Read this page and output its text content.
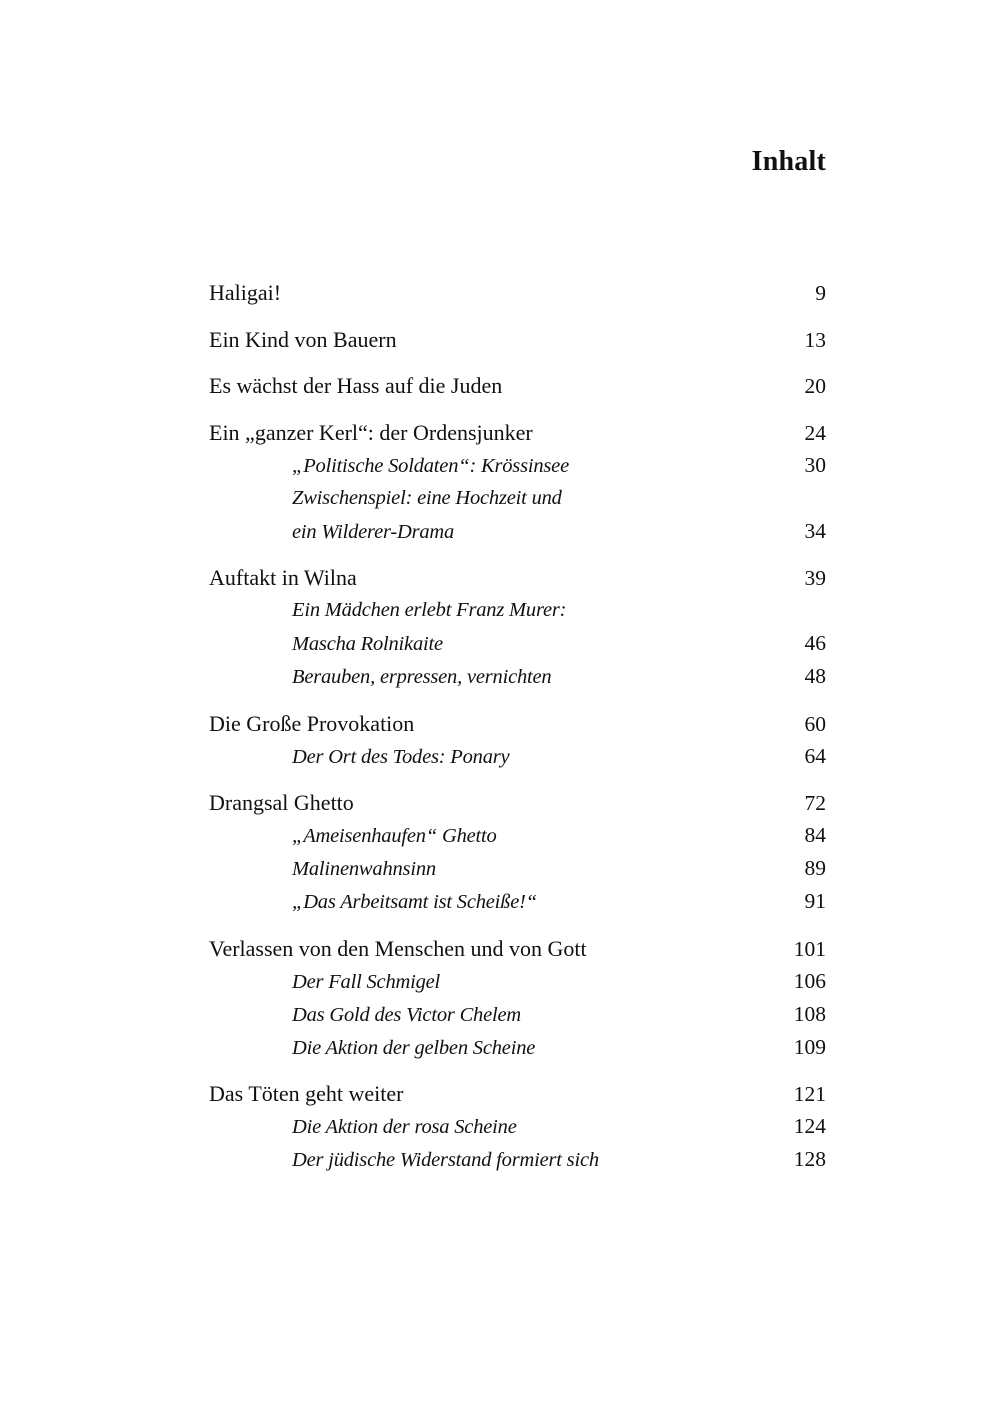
Inhalt
Haligai!	9
Ein Kind von Bauern	13
Es wächst der Hass auf die Juden	20
Ein „ganzer Kerl“: der Ordensjunker	24
„Politische Soldaten“: Krössinsee	30
Zwischenspiel: eine Hochzeit und
ein Wilderer-Drama	34
Auftakt in Wilna	39
Ein Mädchen erlebt Franz Murer:
Mascha Rolnikaite	46
Berauben, erpressen, vernichten	48
Die Große Provokation	60
Der Ort des Todes: Ponary	64
Drangsal Ghetto	72
„Ameisenhaufen“ Ghetto	84
Malinenwahnsinn	89
„Das Arbeitsamt ist Scheiße!“	91
Verlassen von den Menschen und von Gott	101
Der Fall Schmigel	106
Das Gold des Victor Chelem	108
Die Aktion der gelben Scheine	109
Das Töten geht weiter	121
Die Aktion der rosa Scheine	124
Der jüdische Widerstand formiert sich	128
